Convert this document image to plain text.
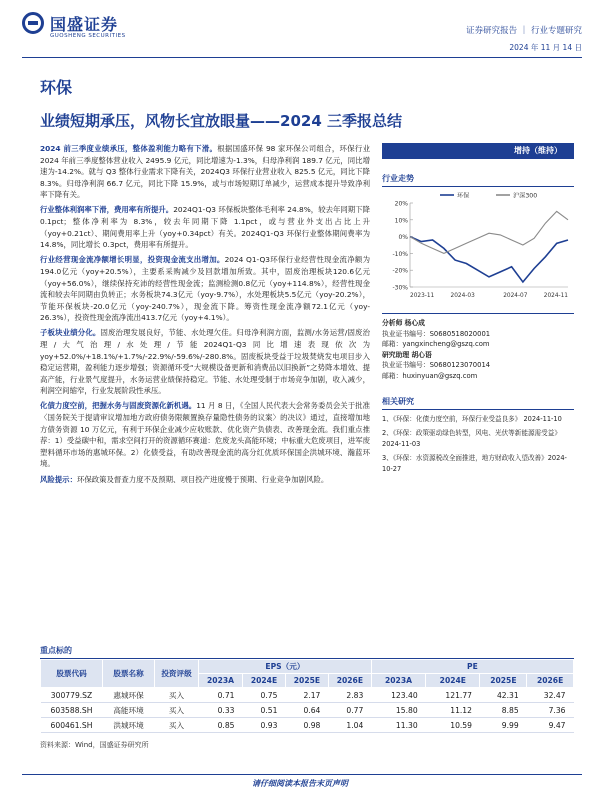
国盛证券
GUOSHENG SECURITIES	证券研究报告 ｜ 行业专题研究
2024 年 11 月 14 日
环保
业绩短期承压，风物长宜放眼量——2024 三季报总结

2024 前三季度业绩承压，整体盈利能力略有下滑。根据国盛环保 98 家环保公司组合，环保行业 2024 年前三季度整体营业收入 2495.9 亿元，同比增速为-1.3%，归母净利润 189.7 亿元，同比增速为-14.2%。就与 Q3 整体行业需求下降有关，2024Q3 环保行业营业收入 825.5 亿元，同比下降 8.3%。归母净利润 66.7 亿元，同比下降 15.9%，或与市场短期订单减少，运营成本提升导致净利率下降有关。

行业整体利润率下滑，费用率有所提升。2024Q1-Q3 环保板块整体毛利率 24.8%，较去年同期下降 0.1pct；整体净利率为 8.3%，较去年同期下降 1.1pct，或与营业外支出占比上升（yoy+0.21ct）、期间费用率上升（yoy+0.34pct）有关。2024Q1-Q3 环保行业整体期间费率为 14.8%，同比增长 0.3pct，费用率有所提升。

行业经营现金流净额增长明显，投资现金流支出增加。2024 Q1-Q3环保行业经营性现金流净额为194.0亿元（yoy+20.5%），主要系采购减少及回款增加所致。其中，固废治理板块120.6亿元（yoy+56.0%），继续保持充沛的经营性现金流；监测检测0.8亿元（yoy+114.8%），经营性现金流和较去年同期由负转正；水务板块74.3亿元（yoy-9.7%），水处理板块5.5亿元（yoy-20.2%），节能环保板块-20.0亿元（yoy-240.7%），现金流下降。筹资性现金流净额72.1亿元（yoy-26.3%），投资性现金流净流出413.7亿元（yoy+4.1%）。

子板块业绩分化。固废治理发展良好，节能、水处理欠佳。归母净利润方面，监测/水务运营/固废治理/大气治理/水处理/节能2024Q1-Q3同比增速表现依次为yoy+52.0%/+18.1%/+1.7%/-22.9%/-59.6%/-280.8%。固废板块受益于垃圾焚烧发电项目步入稳定运营期，盈利能力逐步增强；资源循环受“大规模设备更新和消费品以旧换新”之势降本增效、提高产能，行业景气度提升，水务运营业绩保持稳定。节能、水处理受制于市场竞争加剧，收入减少，利润空间缩窄，行业发展阶段性承压。

化债力度空前，把握水务与固废资源化新机遇。11 月 8 日，《全国人民代表大会常务委员会关于批准〈国务院关于提请审议增加地方政府债务限额置换存量隐性债务的议案〉的决议》通过，直接增加地方债务资源 10 万亿元，有利于环保企业减少应收账款、优化资产负债表、改善现金流。我们重点推荐：1）受益碳中和，需求空间打开的资源循环赛道：危废龙头高能环境；中标重大危废项目，进军废塑料循环市场的惠城环保。2）化债受益，有助改善现金流的高分红优质环保国企洪城环境、瀚蓝环境。

风险提示：环保政策及督查力度不及预期、项目投产进度慢于预期、行业竞争加剧风险。

增持（维持）
行业走势
20%
10%
0%
-10%
-20%
-30%
2023-11	2024-03	2024-07	2024-11
环保	沪深300
分析师 杨心成
执业证书编号：S0680518020001
邮箱：yangxincheng@gszq.com
研究助理 胡心语
执业证书编号：S0680123070014
邮箱：huxinyuan@gszq.com
相关研究
1、《环保：化债力度空前，环保行业受益良多》 2024-11-10
2、《环保：政策驱动绿色转型，风电、光伏等新能源需受益》 2024-11-03
3、《环保：水资源税改全面推进，地方财政收入望改善》2024-10-27
重点标的
股票代码	股票名称	投资评级	EPS（元）				PE			
			2023A	2024E	2025E	2026E	2023A	2024E	2025E	2026E
300779.SZ	惠城环保	买入	0.71	0.75	2.17	2.83	123.40	121.77	42.31	32.47
603588.SH	高能环境	买入	0.33	0.51	0.64	0.77	15.80	11.12	8.85	7.36
600461.SH	洪城环境	买入	0.85	0.93	0.98	1.04	11.30	10.59	9.99	9.47
资料来源：Wind，国盛证券研究所
请仔细阅读本报告末页声明
